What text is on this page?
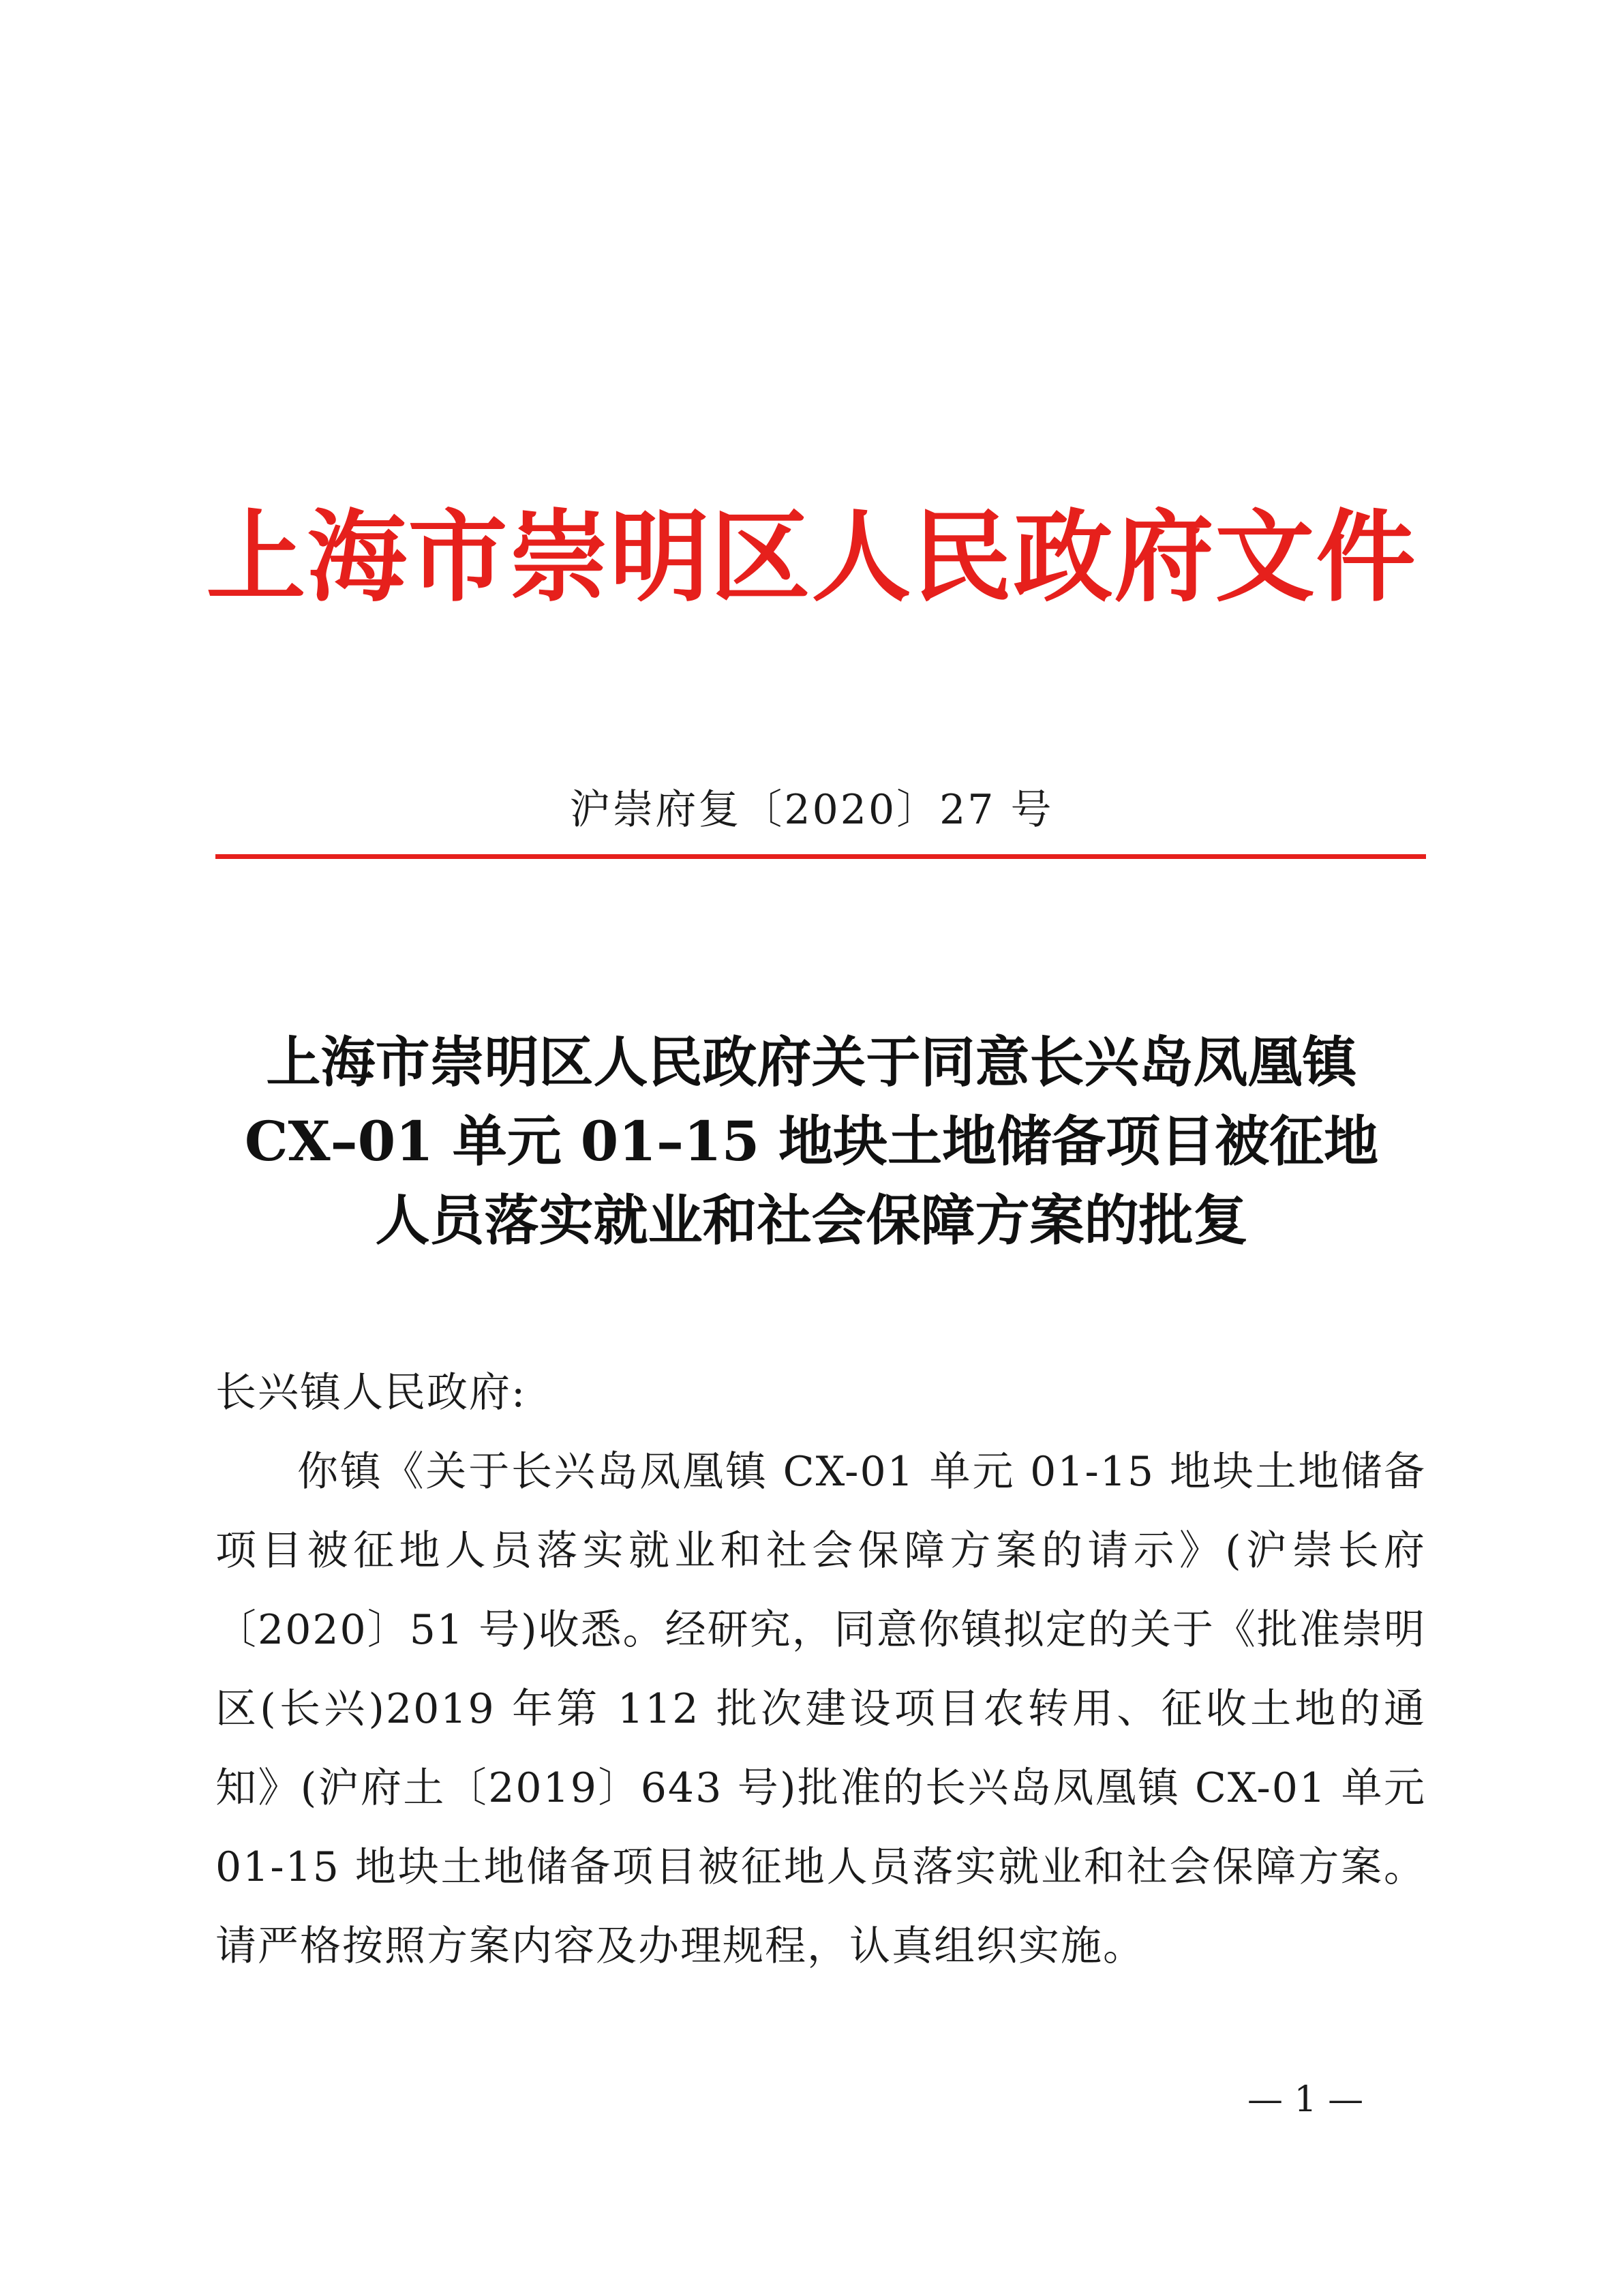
上海市崇明区人民政府文件
沪崇府复〔2020〕27 号
上海市崇明区人民政府关于同意长兴岛凤凰镇
CX–01 单元 01–15 地块土地储备项目被征地
人员落实就业和社会保障方案的批复
长兴镇人民政府:
你镇《关于长兴岛凤凰镇 CX-01 单元 01-15 地块土地储备项目被征地人员落实就业和社会保障方案的请示》(沪崇长府〔2020〕51 号)收悉。经研究，同意你镇拟定的关于《批准崇明区(长兴)2019 年第 112 批次建设项目农转用、征收土地的通知》(沪府土〔2019〕643 号)批准的长兴岛凤凰镇 CX-01 单元 01-15 地块土地储备项目被征地人员落实就业和社会保障方案。请严格按照方案内容及办理规程，认真组织实施。
— 1 —
